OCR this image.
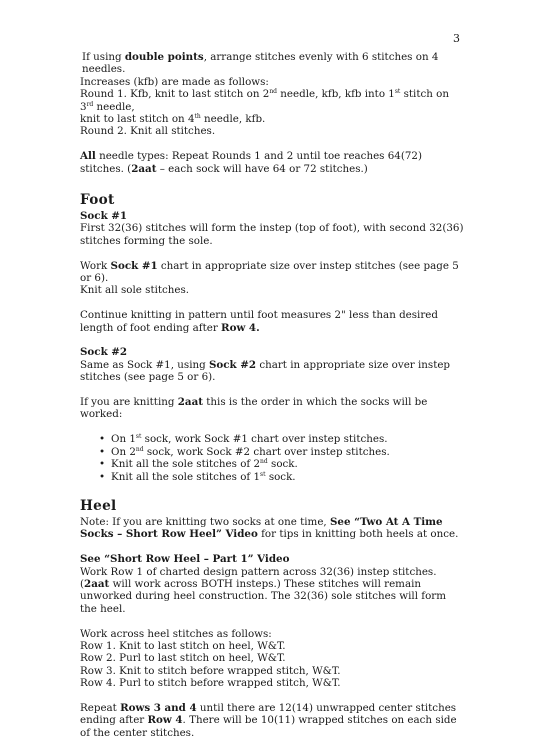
3

If using double points, arrange stitches evenly with 6 stitches on 4 needles.
Increases (kfb) are made as follows:
Round 1. Kfb, knit to last stitch on 2nd needle, kfb, kfb into 1st stitch on 3rd needle,
knit to last stitch on 4th needle, kfb.
Round 2. Knit all stitches.

All needle types: Repeat Rounds 1 and 2 until toe reaches 64(72) stitches. (2aat – each sock will have 64 or 72 stitches.)

Foot

Sock #1
First 32(36) stitches will form the instep (top of foot), with second 32(36) stitches forming the sole.

Work Sock #1 chart in appropriate size over instep stitches (see page 5 or 6).
Knit all sole stitches.

Continue knitting in pattern until foot measures 2" less than desired length of foot ending after Row 4.

Sock #2
Same as Sock #1, using Sock #2 chart in appropriate size over instep stitches (see page 5 or 6).

If you are knitting 2aat this is the order in which the socks will be worked:

• On 1st sock, work Sock #1 chart over instep stitches.
• On 2nd sock, work Sock #2 chart over instep stitches.
• Knit all the sole stitches of 2nd sock.
• Knit all the sole stitches of 1st sock.
Heel

Note: If you are knitting two socks at one time, See “Two At A Time Socks – Short Row Heel” Video for tips in knitting both heels at once.

See “Short Row Heel – Part 1” Video
Work Row 1 of charted design pattern across 32(36) instep stitches. (2aat will work across BOTH insteps.) These stitches will remain unworked during heel construction. The 32(36) sole stitches will form the heel.

Work across heel stitches as follows:
Row 1. Knit to last stitch on heel, W&T.
Row 2. Purl to last stitch on heel, W&T.
Row 3. Knit to stitch before wrapped stitch, W&T.
Row 4. Purl to stitch before wrapped stitch, W&T.

Repeat Rows 3 and 4 until there are 12(14) unwrapped center stitches ending after Row 4. There will be 10(11) wrapped stitches on each side of the center stitches.
